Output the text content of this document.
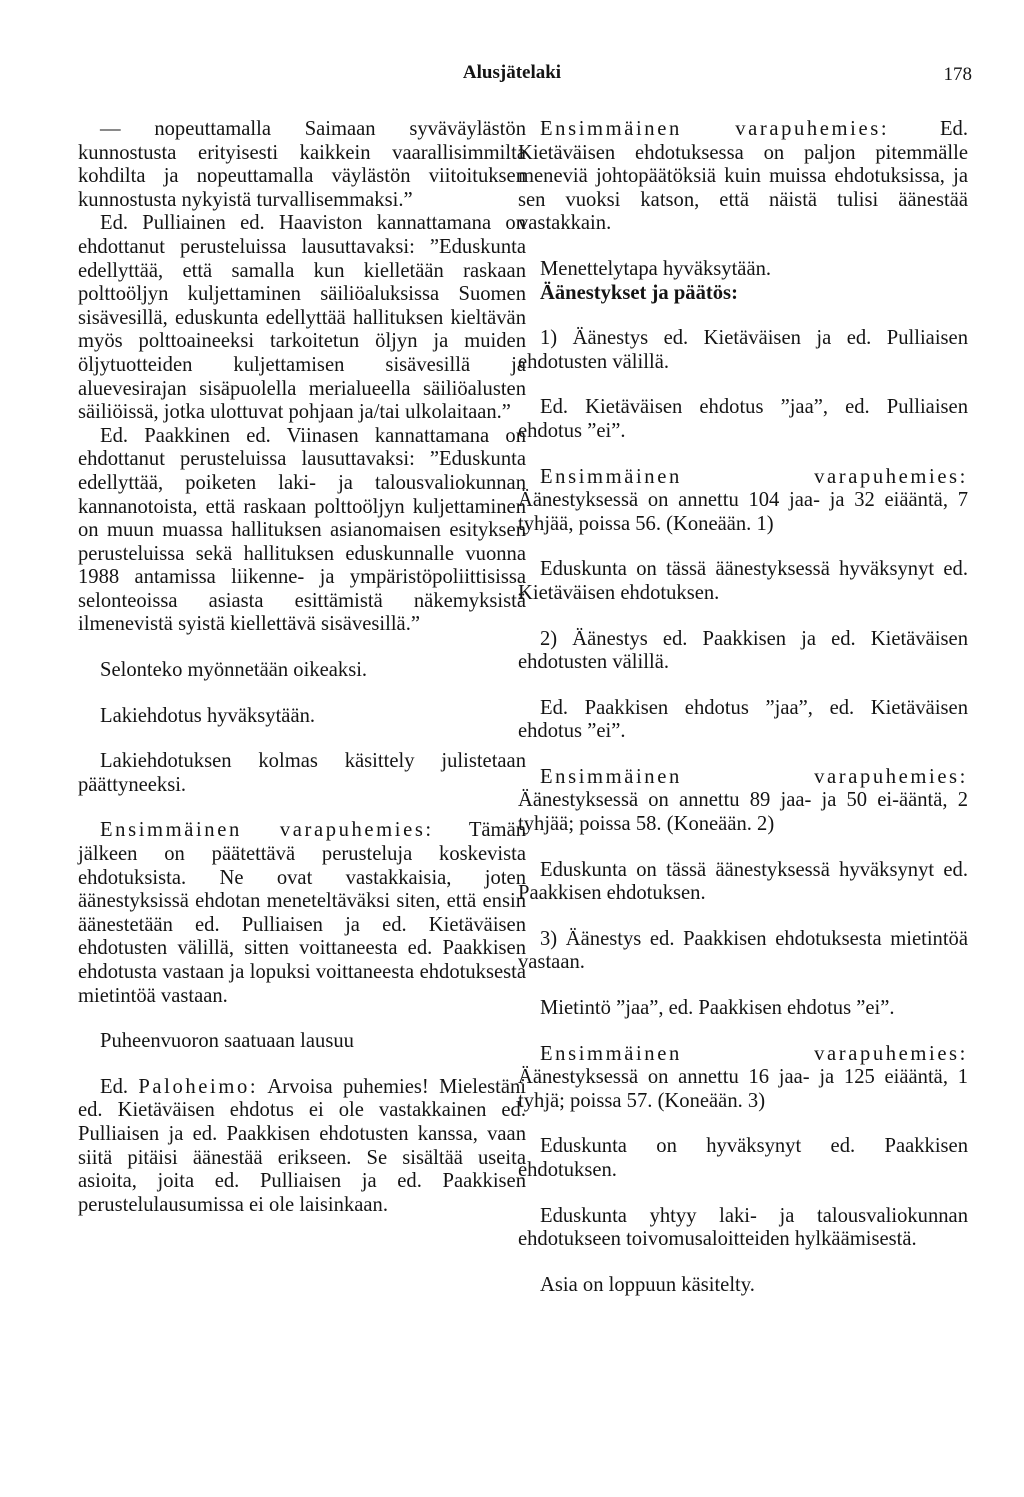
Alusjätelaki	178

— nopeuttamalla Saimaan syväväylästön kunnostusta erityisesti kaikkein vaarallisimmilta kohdilta ja nopeuttamalla väylästön viitoituksen kunnostusta nykyistä turvallisemmaksi.”

Ed. Pulliainen ed. Haaviston kannattamana on ehdottanut perusteluissa lausuttavaksi: ”Eduskunta edellyttää, että samalla kun kielletään raskaan polttoöljyn kuljettaminen säiliöaluksissa Suomen sisävesillä, eduskunta edellyttää hallituksen kieltävän myös polttoaineeksi tarkoitetun öljyn ja muiden öljytuotteiden kuljettamisen sisävesillä ja aluevesirajan sisäpuolella merialueella säiliöalusten säiliöissä, jotka ulottuvat pohjaan ja/tai ulkolaitaan.”

Ed. Paakkinen ed. Viinasen kannattamana on ehdottanut perusteluissa lausuttavaksi: ”Eduskunta edellyttää, poiketen laki- ja talousvaliokunnan kannanotoista, että raskaan polttoöljyn kuljettaminen on muun muassa hallituksen asianomaisen esityksen perusteluissa sekä hallituksen eduskunnalle vuonna 1988 antamissa liikenne- ja ympäristöpoliittisissa selonteoissa asiasta esittämistä näkemyksistä ilmenevistä syistä kiellettävä sisävesillä.”

Selonteko myönnetään oikeaksi.

Lakiehdotus hyväksytään.

Lakiehdotuksen kolmas käsittely julistetaan päättyneeksi.

Ensimmäinen varapuhemies: Tämän jälkeen on päätettävä perusteluja koskevista ehdotuksista. Ne ovat vastakkaisia, joten äänestyksissä ehdotan meneteltäväksi siten, että ensin äänestetään ed. Pulliaisen ja ed. Kietäväisen ehdotusten välillä, sitten voittaneesta ed. Paakkisen ehdotusta vastaan ja lopuksi voittaneesta ehdotuksesta mietintöä vastaan.

Puheenvuoron saatuaan lausuu

Ed. Paloheimo: Arvoisa puhemies! Mielestäni ed. Kietäväisen ehdotus ei ole vastakkainen ed. Pulliaisen ja ed. Paakkisen ehdotusten kanssa, vaan siitä pitäisi äänestää erikseen. Se sisältää useita asioita, joita ed. Pulliaisen ja ed. Paakkisen perustelulausumissa ei ole laisinkaan.

Ensimmäinen varapuhemies: Ed. Kietäväisen ehdotuksessa on paljon pitemmälle meneviä johtopäätöksiä kuin muissa ehdotuksissa, ja sen vuoksi katson, että näistä tulisi äänestää vastakkain.

Menettelytapa hyväksytään.

Äänestykset ja päätös:

1) Äänestys ed. Kietäväisen ja ed. Pulliaisen ehdotusten välillä.

Ed. Kietäväisen ehdotus ”jaa”, ed. Pulliaisen ehdotus ”ei”.

Ensimmäinen varapuhemies: Äänestyksessä on annettu 104 jaa- ja 32 eiääntä, 7 tyhjää, poissa 56. (Koneään. 1)

Eduskunta on tässä äänestyksessä hyväksynyt ed. Kietäväisen ehdotuksen.

2) Äänestys ed. Paakkisen ja ed. Kietäväisen ehdotusten välillä.

Ed. Paakkisen ehdotus ”jaa”, ed. Kietäväisen ehdotus ”ei”.

Ensimmäinen varapuhemies: Äänestyksessä on annettu 89 jaa- ja 50 ei-ääntä, 2 tyhjää; poissa 58. (Koneään. 2)

Eduskunta on tässä äänestyksessä hyväksynyt ed. Paakkisen ehdotuksen.

3) Äänestys ed. Paakkisen ehdotuksesta mietintöä vastaan.

Mietintö ”jaa”, ed. Paakkisen ehdotus ”ei”.

Ensimmäinen varapuhemies: Äänestyksessä on annettu 16 jaa- ja 125 eiääntä, 1 tyhjä; poissa 57. (Koneään. 3)

Eduskunta on hyväksynyt ed. Paakkisen ehdotuksen.

Eduskunta yhtyy laki- ja talousvaliokunnan ehdotukseen toivomusaloitteiden hylkäämisestä.

Asia on loppuun käsitelty.
